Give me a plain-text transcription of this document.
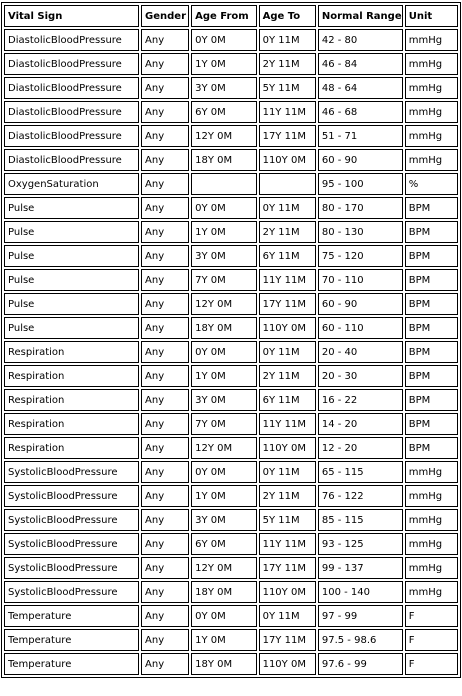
Vital Sign	Gender	Age From	Age To	Normal Range	Unit
DiastolicBloodPressure	Any	0Y 0M	0Y 11M	42 - 80	mmHg
DiastolicBloodPressure	Any	1Y 0M	2Y 11M	46 - 84	mmHg
DiastolicBloodPressure	Any	3Y 0M	5Y 11M	48 - 64	mmHg
DiastolicBloodPressure	Any	6Y 0M	11Y 11M	46 - 68	mmHg
DiastolicBloodPressure	Any	12Y 0M	17Y 11M	51 - 71	mmHg
DiastolicBloodPressure	Any	18Y 0M	110Y 0M	60 - 90	mmHg
OxygenSaturation	Any			95 - 100	%
Pulse	Any	0Y 0M	0Y 11M	80 - 170	BPM
Pulse	Any	1Y 0M	2Y 11M	80 - 130	BPM
Pulse	Any	3Y 0M	6Y 11M	75 - 120	BPM
Pulse	Any	7Y 0M	11Y 11M	70 - 110	BPM
Pulse	Any	12Y 0M	17Y 11M	60 - 90	BPM
Pulse	Any	18Y 0M	110Y 0M	60 - 110	BPM
Respiration	Any	0Y 0M	0Y 11M	20 - 40	BPM
Respiration	Any	1Y 0M	2Y 11M	20 - 30	BPM
Respiration	Any	3Y 0M	6Y 11M	16 - 22	BPM
Respiration	Any	7Y 0M	11Y 11M	14 - 20	BPM
Respiration	Any	12Y 0M	110Y 0M	12 - 20	BPM
SystolicBloodPressure	Any	0Y 0M	0Y 11M	65 - 115	mmHg
SystolicBloodPressure	Any	1Y 0M	2Y 11M	76 - 122	mmHg
SystolicBloodPressure	Any	3Y 0M	5Y 11M	85 - 115	mmHg
SystolicBloodPressure	Any	6Y 0M	11Y 11M	93 - 125	mmHg
SystolicBloodPressure	Any	12Y 0M	17Y 11M	99 - 137	mmHg
SystolicBloodPressure	Any	18Y 0M	110Y 0M	100 - 140	mmHg
Temperature	Any	0Y 0M	0Y 11M	97 - 99	F
Temperature	Any	1Y 0M	17Y 11M	97.5 - 98.6	F
Temperature	Any	18Y 0M	110Y 0M	97.6 - 99	F
